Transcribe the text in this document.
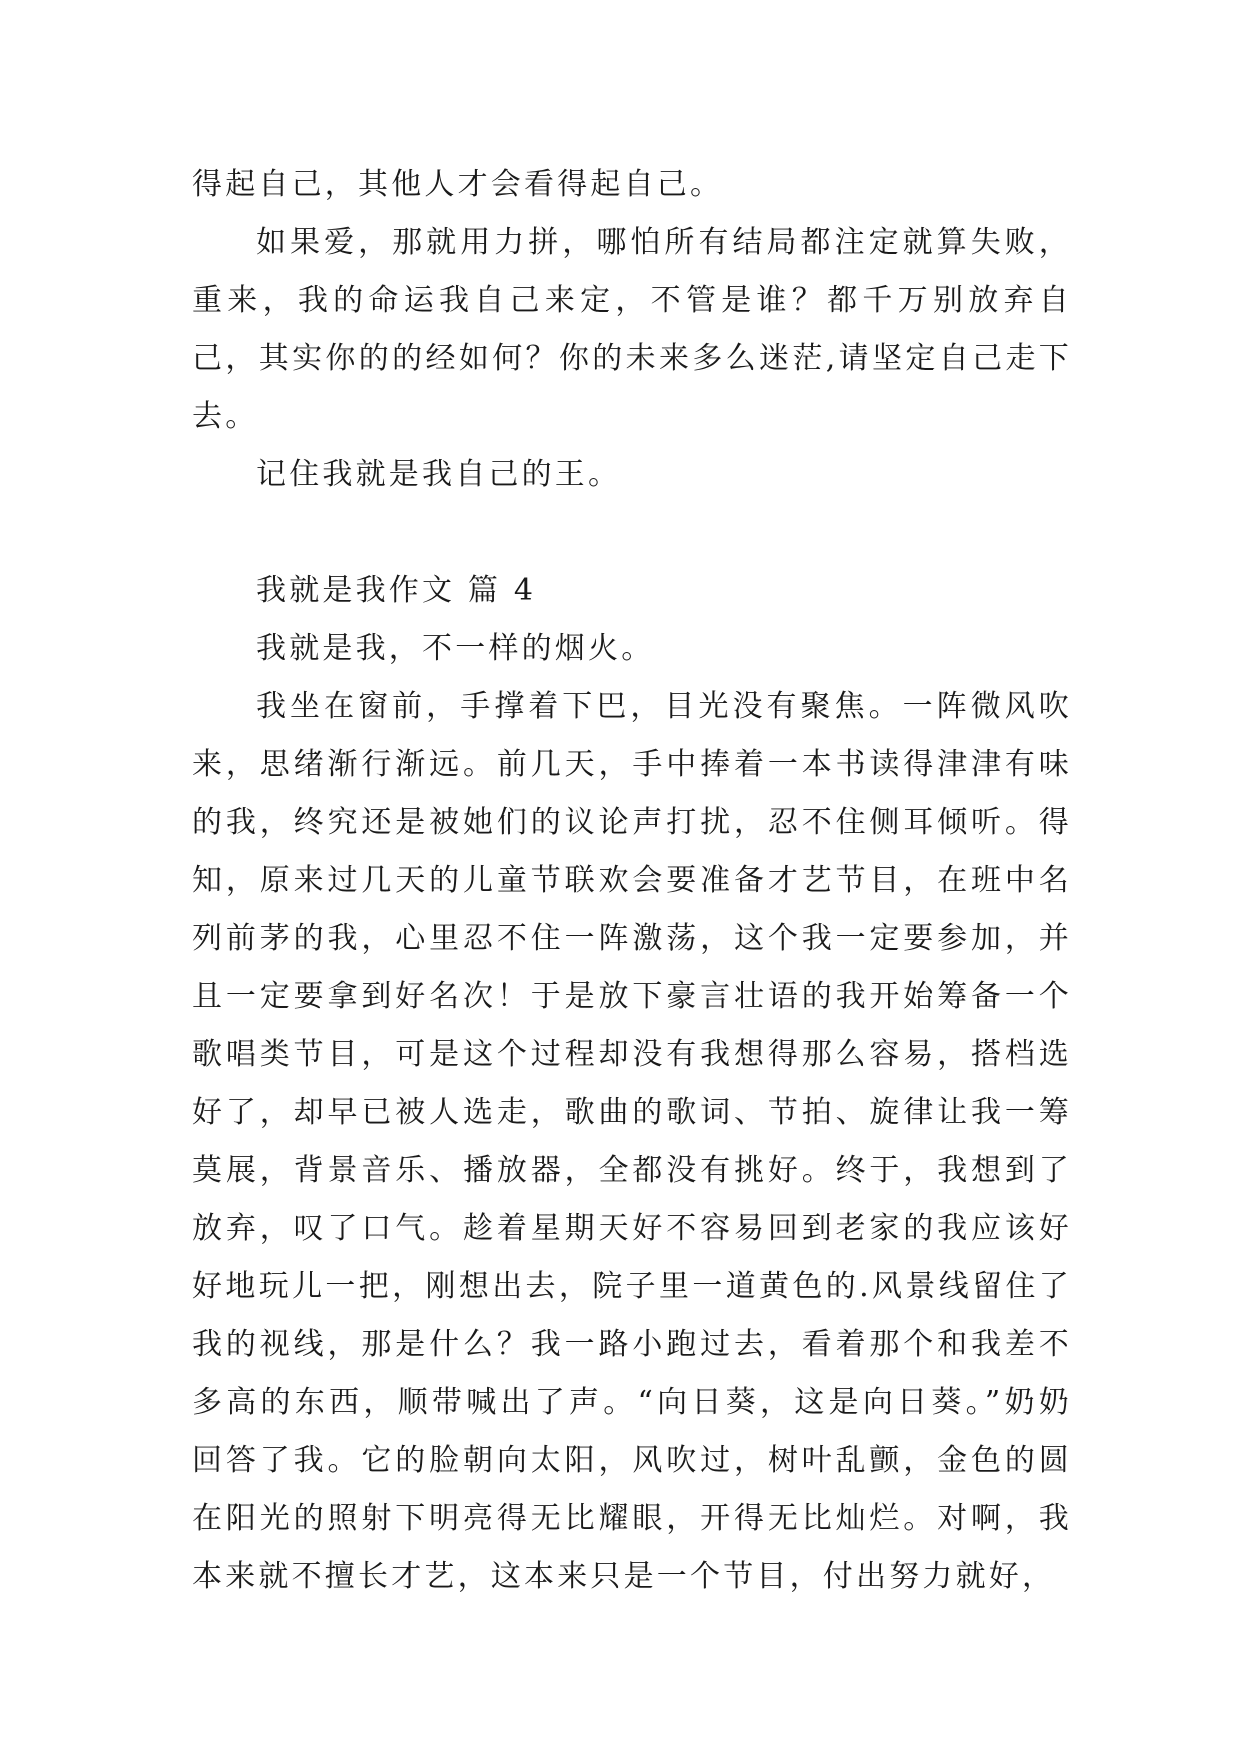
得起自己，其他人才会看得起自己。

如果爱，那就用力拼，哪怕所有结局都注定就算失败，重来，我的命运我自己来定，不管是谁？都千万别放弃自己，其实你的的经如何？你的未来多么迷茫,请坚定自己走下去。

记住我就是我自己的王。

我就是我作文 篇 4

我就是我，不一样的烟火。

我坐在窗前，手撑着下巴，目光没有聚焦。一阵微风吹来，思绪渐行渐远。前几天，手中捧着一本书读得津津有味的我，终究还是被她们的议论声打扰，忍不住侧耳倾听。得知，原来过几天的儿童节联欢会要准备才艺节目，在班中名列前茅的我，心里忍不住一阵激荡，这个我一定要参加，并且一定要拿到好名次！于是放下豪言壮语的我开始筹备一个歌唱类节目，可是这个过程却没有我想得那么容易，搭档选好了，却早已被人选走，歌曲的歌词、节拍、旋律让我一筹莫展，背景音乐、播放器，全都没有挑好。终于，我想到了放弃，叹了口气。趁着星期天好不容易回到老家的我应该好好地玩儿一把，刚想出去，院子里一道黄色的.风景线留住了我的视线，那是什么？我一路小跑过去，看着那个和我差不多高的东西，顺带喊出了声。“向日葵，这是向日葵。”奶奶回答了我。它的脸朝向太阳，风吹过，树叶乱颤，金色的圆在阳光的照射下明亮得无比耀眼，开得无比灿烂。对啊，我本来就不擅长才艺，这本来只是一个节目，付出努力就好，
